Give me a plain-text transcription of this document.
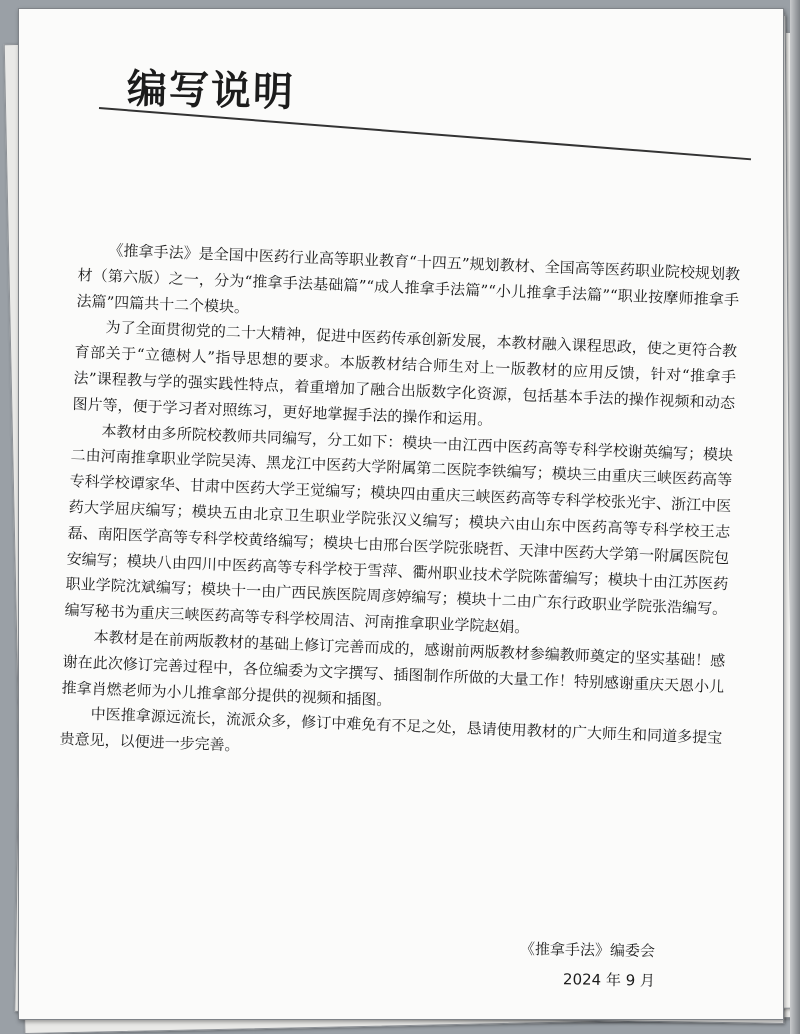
编写说明

《推拿手法》是全国中医药行业高等职业教育“十四五”规划教材、全国高等医药职业院校规划教材（第六版）之一，分为“推拿手法基础篇”“成人推拿手法篇”“小儿推拿手法篇”“职业按摩师推拿手法篇”四篇共十二个模块。

为了全面贯彻党的二十大精神，促进中医药传承创新发展，本教材融入课程思政，使之更符合教育部关于“立德树人”指导思想的要求。本版教材结合师生对上一版教材的应用反馈，针对“推拿手法”课程教与学的强实践性特点，着重增加了融合出版数字化资源，包括基本手法的操作视频和动态图片等，便于学习者对照练习，更好地掌握手法的操作和运用。

本教材由多所院校教师共同编写，分工如下：模块一由江西中医药高等专科学校谢英编写；模块二由河南推拿职业学院吴涛、黑龙江中医药大学附属第二医院李铁编写；模块三由重庆三峡医药高等专科学校谭家华、甘肃中医药大学王觉编写；模块四由重庆三峡医药高等专科学校张光宇、浙江中医药大学屈庆编写；模块五由北京卫生职业学院张汉义编写；模块六由山东中医药高等专科学校王志磊、南阳医学高等专科学校黄络编写；模块七由邢台医学院张晓哲、天津中医药大学第一附属医院包安编写；模块八由四川中医药高等专科学校于雪萍、衢州职业技术学院陈蕾编写；模块十由江苏医药职业学院沈斌编写；模块十一由广西民族医院周彦婷编写；模块十二由广东行政职业学院张浩编写。编写秘书为重庆三峡医药高等专科学校周洁、河南推拿职业学院赵娟。

本教材是在前两版教材的基础上修订完善而成的，感谢前两版教材参编教师奠定的坚实基础！感谢在此次修订完善过程中，各位编委为文字撰写、插图制作所做的大量工作！特别感谢重庆天恩小儿推拿肖燃老师为小儿推拿部分提供的视频和插图。

中医推拿源远流长，流派众多，修订中难免有不足之处，恳请使用教材的广大师生和同道多提宝贵意见，以便进一步完善。

《推拿手法》编委会
2024 年 9 月
